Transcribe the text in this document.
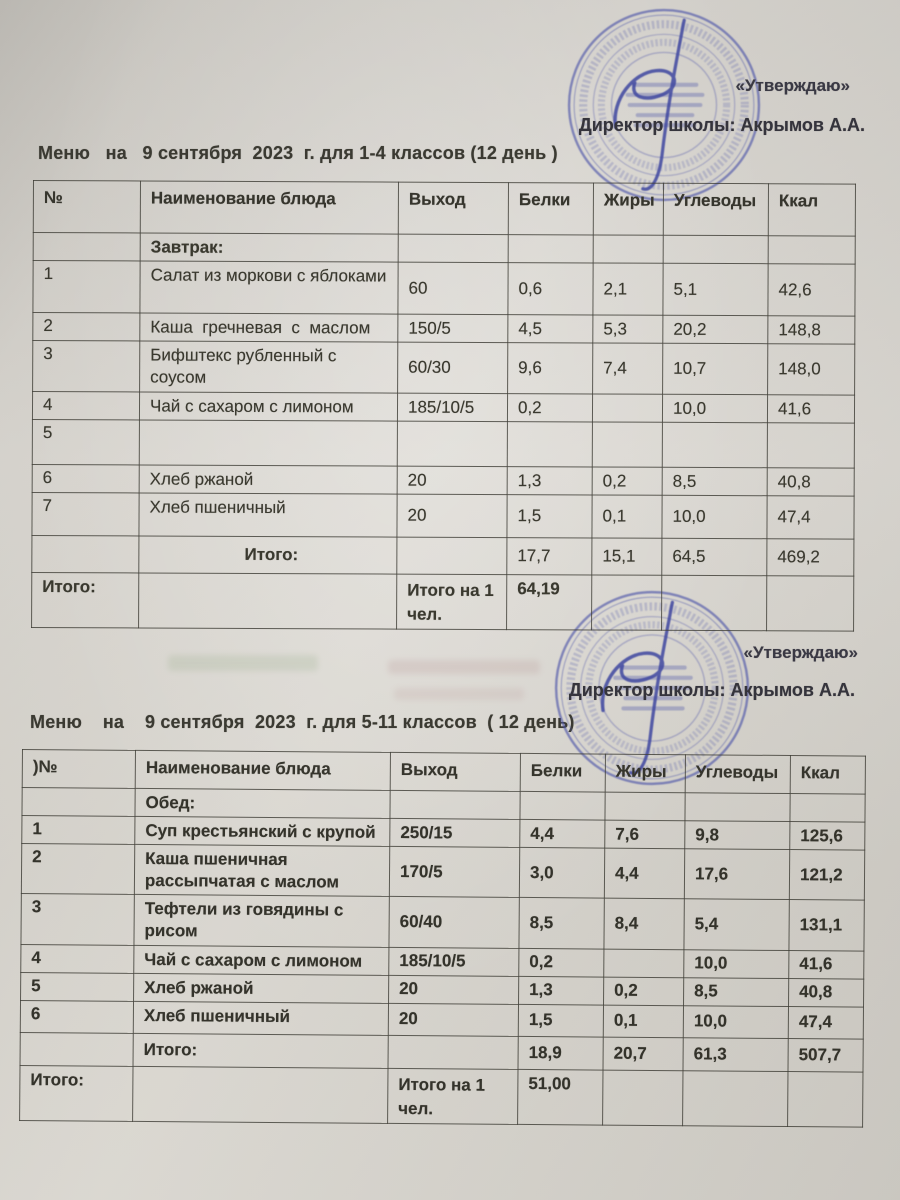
«Утверждаю»
Директор школы: Акрымов А.А.
«Утверждаю»
Директор школы: Акрымов А.А.
Меню   на   9 сентября  2023  г. для 1-4 классов (12 день )
Меню    на    9 сентября  2023  г. для 5-11 классов  ( 12 день)
№	Наименование блюда	Выход	Белки	Жиры	Углеводы	Ккал
	Завтрак:					
1	Салат из моркови с яблоками	60	0,6	2,1	5,1	42,6
2	Каша  гречневая  с  маслом	150/5	4,5	5,3	20,2	148,8
3	Бифштекс рубленный с соусом	60/30	9,6	7,4	10,7	148,0
4	Чай с сахаром с лимоном	185/10/5	0,2		10,0	41,6
5						
6	Хлеб ржаной	20	1,3	0,2	8,5	40,8
7	Хлеб пшеничный	20	1,5	0,1	10,0	47,4
	Итого:		17,7	15,1	64,5	469,2
Итого:		Итого на 1 чел.	64,19			
)№	Наименование блюда	Выход	Белки	Жиры	Углеводы	Ккал
	Обед:					
1	Суп крестьянский с крупой	250/15	4,4	7,6	9,8	125,6
2	Каша пшеничная рассыпчатая с маслом	170/5	3,0	4,4	17,6	121,2
3	Тефтели из говядины с рисом	60/40	8,5	8,4	5,4	131,1
4	Чай с сахаром с лимоном	185/10/5	0,2		10,0	41,6
5	Хлеб ржаной	20	1,3	0,2	8,5	40,8
6	Хлеб пшеничный	20	1,5	0,1	10,0	47,4
	Итого:		18,9	20,7	61,3	507,7
Итого:		Итого на 1 чел.	51,00			
